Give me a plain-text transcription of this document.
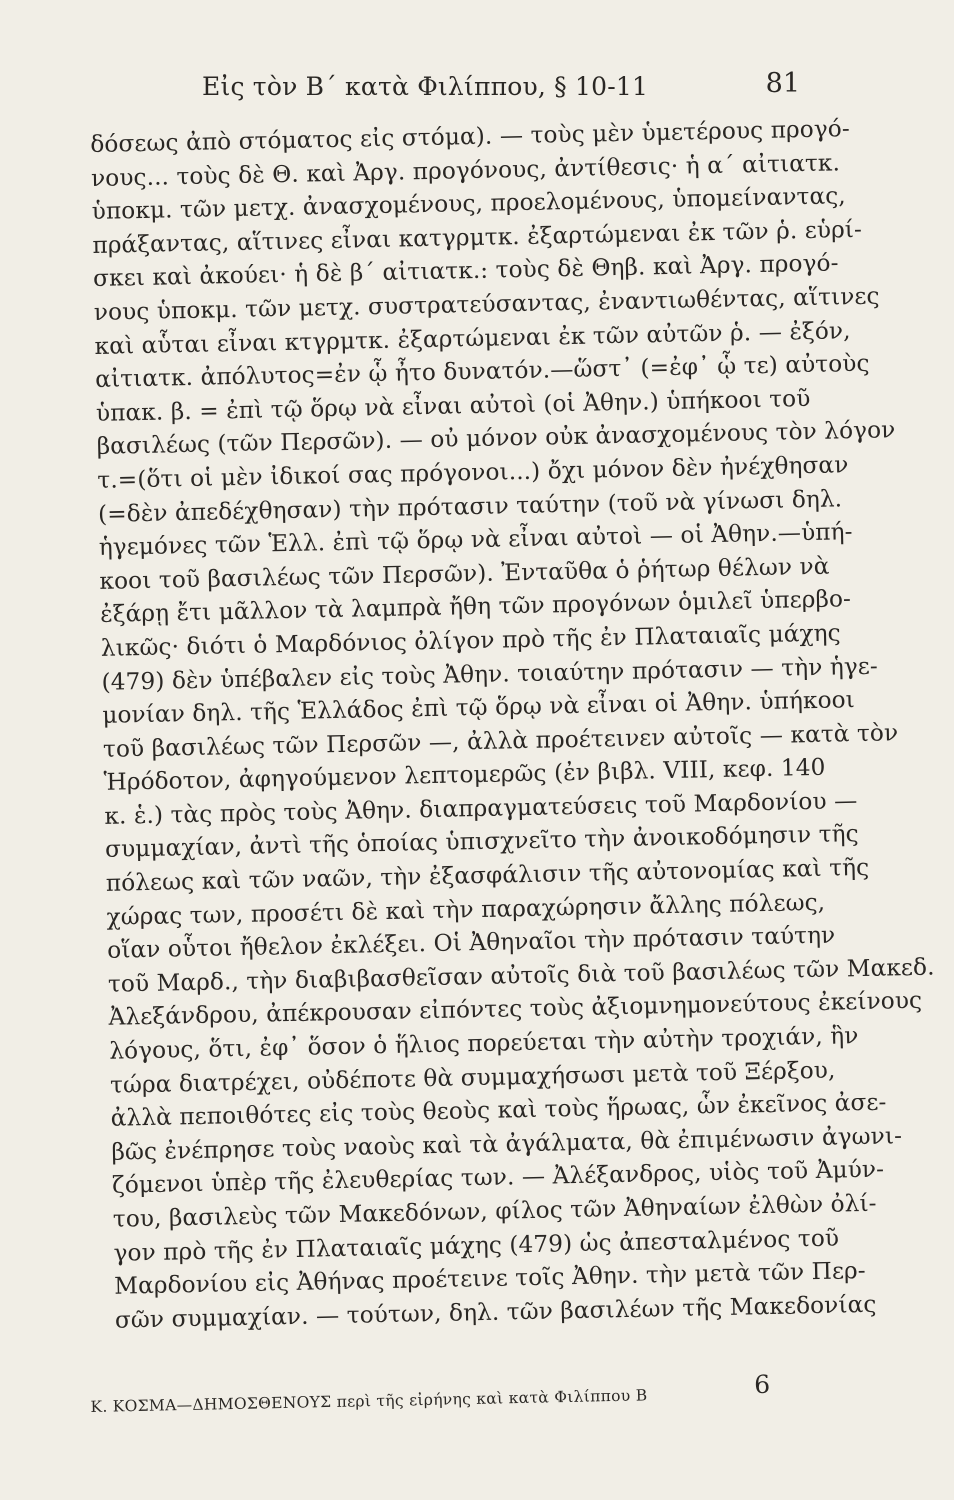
Εἰς τὸν Β΄ κατὰ Φιλίππου, § 10-11	81
δόσεως ἀπὸ στόματος εἰς στόμα). — τοὺς μὲν ὑμετέρους προγό-
νους... τοὺς δὲ Θ. καὶ Ἀργ. προγόνους, ἀντίθεσις· ἡ α΄ αἰτιατκ.
ὑποκμ. τῶν μετχ. ἀνασχομένους, προελομένους, ὑπομείναντας,
πράξαντας, αἵτινες εἶναι κατγρμτκ. ἐξαρτώμεναι ἐκ τῶν ῥ. εὑρί-
σκει καὶ ἀκούει· ἡ δὲ β΄ αἰτιατκ.: τοὺς δὲ Θηβ. καὶ Ἀργ. προγό-
νους ὑποκμ. τῶν μετχ. συστρατεύσαντας, ἐναντιωθέντας, αἵτινες
καὶ αὗται εἶναι κτγρμτκ. ἐξαρτώμεναι ἐκ τῶν αὐτῶν ῥ. — ἐξόν,
αἰτιατκ. ἀπόλυτος=ἐν ᾧ ἦτο δυνατόν.—ὥστ᾽ (=ἐφ᾽ ᾧ τε) αὐτοὺς
ὑπακ. β. = ἐπὶ τῷ ὅρῳ νὰ εἶναι αὐτοὶ (οἱ Ἀθην.) ὑπήκοοι τοῦ
βασιλέως (τῶν Περσῶν). — οὐ μόνον οὐκ ἀνασχομένους τὸν λόγον
τ.=(ὅτι οἱ μὲν ἰδικοί σας πρόγονοι...) ὄχι μόνον δὲν ἠνέχθησαν
(=δὲν ἀπεδέχθησαν) τὴν πρότασιν ταύτην (τοῦ νὰ γίνωσι δηλ.
ἡγεμόνες τῶν Ἑλλ. ἐπὶ τῷ ὅρῳ νὰ εἶναι αὐτοὶ — οἱ Ἀθην.—ὑπή-
κοοι τοῦ βασιλέως τῶν Περσῶν). Ἐνταῦθα ὁ ῥήτωρ θέλων νὰ
ἐξάρῃ ἔτι μᾶλλον τὰ λαμπρὰ ἤθη τῶν προγόνων ὁμιλεῖ ὑπερβο-
λικῶς· διότι ὁ Μαρδόνιος ὀλίγον πρὸ τῆς ἐν Πλαταιαῖς μάχης
(479) δὲν ὑπέβαλεν εἰς τοὺς Ἀθην. τοιαύτην πρότασιν — τὴν ἡγε-
μονίαν δηλ. τῆς Ἑλλάδος ἐπὶ τῷ ὅρῳ νὰ εἶναι οἱ Ἀθην. ὑπήκοοι
τοῦ βασιλέως τῶν Περσῶν —, ἀλλὰ προέτεινεν αὐτοῖς — κατὰ τὸν
Ἡρόδοτον, ἀφηγούμενον λεπτομερῶς (ἐν βιβλ. VIII, κεφ. 140
κ. ἑ.) τὰς πρὸς τοὺς Ἀθην. διαπραγματεύσεις τοῦ Μαρδονίου —
συμμαχίαν, ἀντὶ τῆς ὁποίας ὑπισχνεῖτο τὴν ἀνοικοδόμησιν τῆς
πόλεως καὶ τῶν ναῶν, τὴν ἐξασφάλισιν τῆς αὐτονομίας καὶ τῆς
χώρας των, προσέτι δὲ καὶ τὴν παραχώρησιν ἄλλης πόλεως,
οἵαν οὗτοι ἤθελον ἐκλέξει. Οἱ Ἀθηναῖοι τὴν πρότασιν ταύτην
τοῦ Μαρδ., τὴν διαβιβασθεῖσαν αὐτοῖς διὰ τοῦ βασιλέως τῶν Μακεδ.
Ἀλεξάνδρου, ἀπέκρουσαν εἰπόντες τοὺς ἀξιομνημονεύτους ἐκείνους
λόγους, ὅτι, ἐφ᾽ ὅσον ὁ ἥλιος πορεύεται τὴν αὐτὴν τροχιάν, ἣν
τώρα διατρέχει, οὐδέποτε θὰ συμμαχήσωσι μετὰ τοῦ Ξέρξου,
ἀλλὰ πεποιθότες εἰς τοὺς θεοὺς καὶ τοὺς ἥρωας, ὧν ἐκεῖνος ἀσε-
βῶς ἐνέπρησε τοὺς ναοὺς καὶ τὰ ἀγάλματα, θὰ ἐπιμένωσιν ἀγωνι-
ζόμενοι ὑπὲρ τῆς ἐλευθερίας των. — Ἀλέξανδρος, υἱὸς τοῦ Ἀμύν-
του, βασιλεὺς τῶν Μακεδόνων, φίλος τῶν Ἀθηναίων ἐλθὼν ὀλί-
γον πρὸ τῆς ἐν Πλαταιαῖς μάχης (479) ὡς ἀπεσταλμένος τοῦ
Μαρδονίου εἰς Ἀθήνας προέτεινε τοῖς Ἀθην. τὴν μετὰ τῶν Περ-
σῶν συμμαχίαν. — τούτων, δηλ. τῶν βασιλέων τῆς Μακεδονίας
Κ. ΚΟΣΜΑ—ΔΗΜΟΣΘΕΝΟΥΣ περὶ τῆς εἰρήνης καὶ κατὰ Φιλίππου Β
6
